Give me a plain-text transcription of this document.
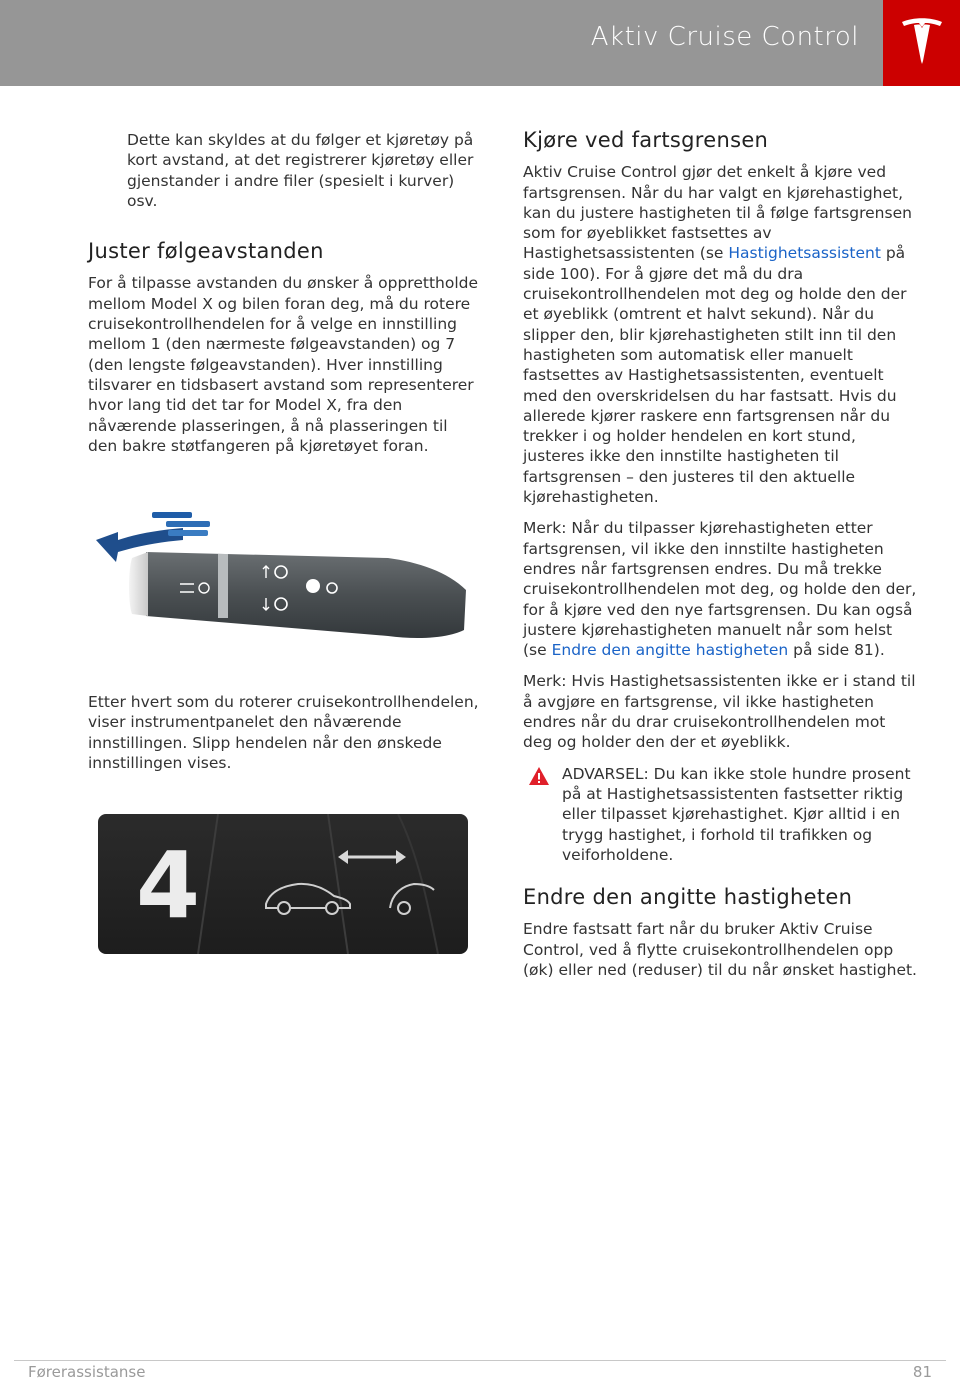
Aktiv Cruise Control

Dette kan skyldes at du følger et kjøretøy på kort avstand, at det registrerer kjøretøy eller gjenstander i andre filer (spesielt i kurver) osv.

Juster følgeavstanden

For å tilpasse avstanden du ønsker å opprettholde mellom Model X og bilen foran deg, må du rotere cruisekontrollhendelen for å velge en innstilling mellom 1 (den nærmeste følgeavstanden) og 7 (den lengste følgeavstanden). Hver innstilling tilsvarer en tidsbasert avstand som representerer hvor lang tid det tar for Model X, fra den nåværende plasseringen, å nå plasseringen til den bakre støtfangeren på kjøretøyet foran.

Etter hvert som du roterer cruisekontrollhendelen, viser instrumentpanelet den nåværende innstillingen. Slipp hendelen når den ønskede innstillingen vises.

4
Kjøre ved fartsgrensen

Aktiv Cruise Control gjør det enkelt å kjøre ved fartsgrensen. Når du har valgt en kjørehastighet, kan du justere hastigheten til å følge fartsgrensen som for øyeblikket fastsettes av Hastighetsassistenten (se Hastighetsassistent på side 100). For å gjøre det må du dra cruisekontrollhendelen mot deg og holde den der et øyeblikk (omtrent et halvt sekund). Når du slipper den, blir kjørehastigheten stilt inn til den hastigheten som automatisk eller manuelt fastsettes av Hastighetsassistenten, eventuelt med den overskridelsen du har fastsatt. Hvis du allerede kjører raskere enn fartsgrensen når du trekker i og holder hendelen en kort stund, justeres ikke den innstilte hastigheten til fartsgrensen – den justeres til den aktuelle kjørehastigheten.

Merk: Når du tilpasser kjørehastigheten etter fartsgrensen, vil ikke den innstilte hastigheten endres når fartsgrensen endres. Du må trekke cruisekontrollhendelen mot deg, og holde den der, for å kjøre ved den nye fartsgrensen. Du kan også justere kjørehastigheten manuelt når som helst (se Endre den angitte hastigheten på side 81).

Merk: Hvis Hastighetsassistenten ikke er i stand til å avgjøre en fartsgrense, vil ikke hastigheten endres når du drar cruisekontrollhendelen mot deg og holder den der et øyeblikk.

ADVARSEL: Du kan ikke stole hundre prosent på at Hastighetsassistenten fastsetter riktig eller tilpasset kjørehastighet. Kjør alltid i en trygg hastighet, i forhold til trafikken og veiforholdene.
Endre den angitte hastigheten

Endre fastsatt fart når du bruker Aktiv Cruise Control, ved å flytte cruisekontrollhendelen opp (øk) eller ned (reduser) til du når ønsket hastighet.

Førerassistanse	81
